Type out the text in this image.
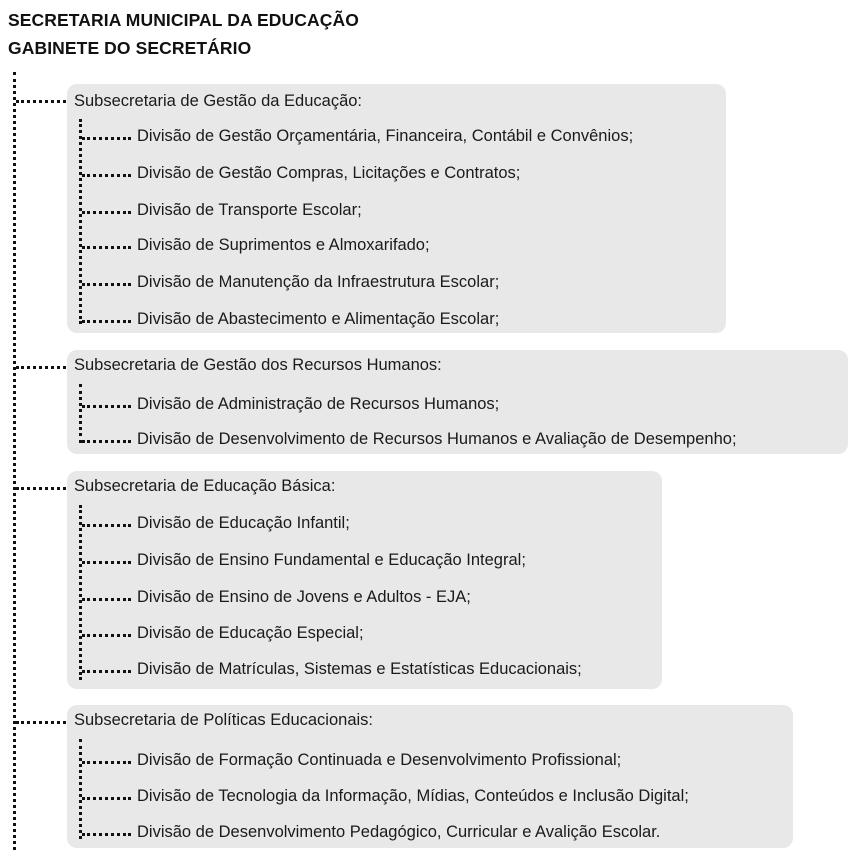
SECRETARIA MUNICIPAL DA EDUCAÇÃO
GABINETE DO SECRETÁRIO
Subsecretaria de Gestão da Educação:
Divisão de Gestão Orçamentária, Financeira, Contábil e Convênios;
Divisão de Gestão Compras, Licitações e Contratos;
Divisão de Transporte Escolar;
Divisão de Suprimentos e Almoxarifado;
Divisão de Manutenção da Infraestrutura Escolar;
Divisão de Abastecimento e Alimentação Escolar;
Subsecretaria de Gestão dos Recursos Humanos:
Divisão de Administração de Recursos Humanos;
Divisão de Desenvolvimento de Recursos Humanos e Avaliação de Desempenho;
Subsecretaria de Educação Básica:
Divisão de Educação Infantil;
Divisão de Ensino Fundamental e Educação Integral;
Divisão de Ensino de Jovens e Adultos - EJA;
Divisão de Educação Especial;
Divisão de Matrículas, Sistemas e Estatísticas Educacionais;
Subsecretaria de Políticas Educacionais:
Divisão de Formação Continuada e Desenvolvimento Profissional;
Divisão de Tecnologia da Informação, Mídias, Conteúdos e Inclusão Digital;
Divisão de Desenvolvimento Pedagógico, Curricular e Avalição Escolar.
